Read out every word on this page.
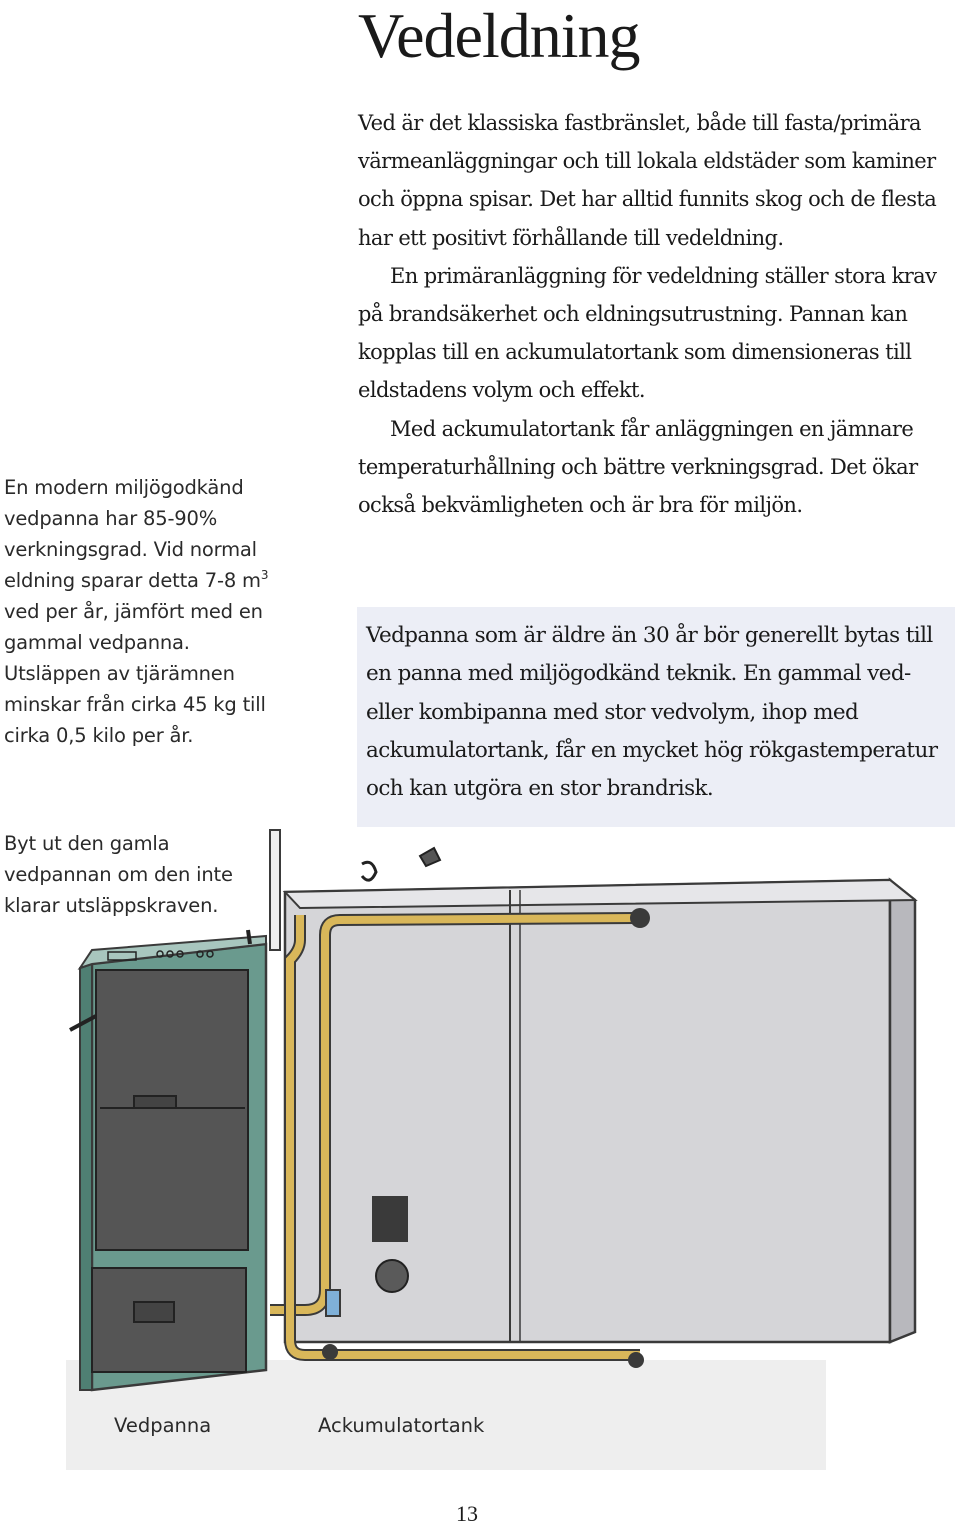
Vedeldning

Ved är det klassiska fastbränslet, både till fasta/primära värmeanläggningar och till lokala eldstäder som kaminer och öppna spisar. Det har alltid funnits skog och de flesta har ett positivt förhållande till vedeldning.

En primäranläggning för vedeldning ställer stora krav på brandsäkerhet och eldningsutrustning. Pannan kan kopplas till en ackumulatortank som dimensioneras till eldstadens volym och effekt.

Med ackumulatortank får anläggningen en jämnare temperaturhållning och bättre verkningsgrad. Det ökar också bekvämligheten och är bra för miljön.

Vedpanna som är äldre än 30 år bör generellt bytas till en panna med miljögodkänd teknik. En gammal ved- eller kombipanna med stor vedvolym, ihop med ackumulatortank, får en mycket hög rökgastemperatur och kan utgöra en stor brandrisk.

En modern miljögodkänd vedpanna har 85-90% verkningsgrad. Vid normal eldning sparar detta 7-8 $m^3$ ved per år, jämfört med en gammal vedpanna. Utsläppen av tjärämnen minskar från cirka 45 kg till cirka 0,5 kilo per år.

Byt ut den gamla vedpannan om den inte klarar utsläppskraven.

Vedpanna	Ackumulatortank
13
